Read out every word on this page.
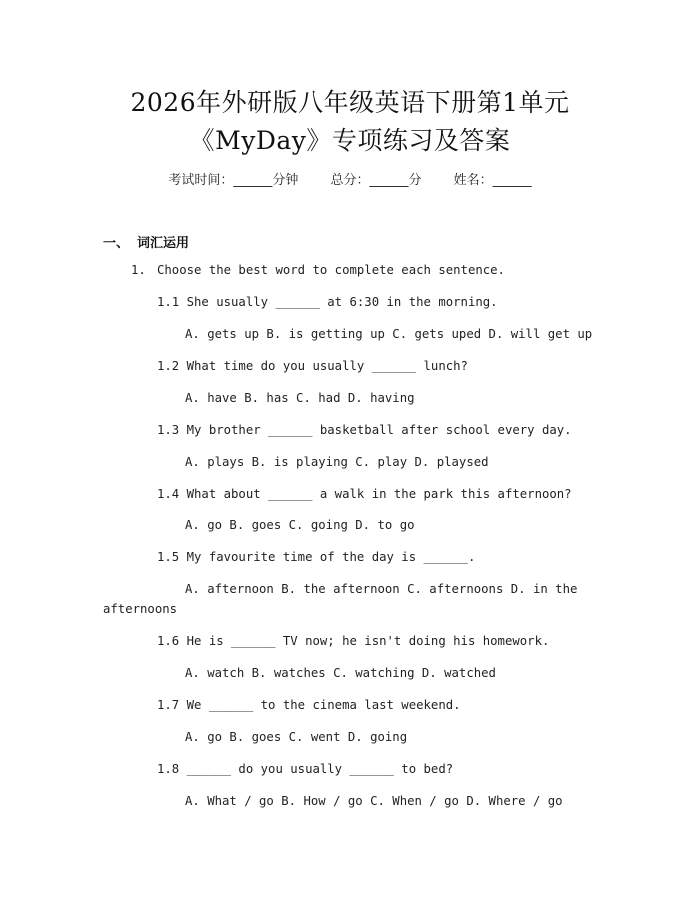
2026年外研版八年级英语下册第1单元
《MyDay》专项练习及答案
考试时间：______分钟 总分：______分 姓名：______
一、 词汇运用
1. Choose the best word to complete each sentence.
1.1 She usually ______ at 6:30 in the morning.
A. gets up B. is getting up C. gets uped D. will get up
1.2 What time do you usually ______ lunch?
A. have B. has C. had D. having
1.3 My brother ______ basketball after school every day.
A. plays B. is playing C. play D. playsed
1.4 What about ______ a walk in the park this afternoon?
A. go B. goes C. going D. to go
1.5 My favourite time of the day is ______.
A. afternoon B. the afternoon C. afternoons D. in the
afternoons
1.6 He is ______ TV now; he isn't doing his homework.
A. watch B. watches C. watching D. watched
1.7 We ______ to the cinema last weekend.
A. go B. goes C. went D. going
1.8 ______ do you usually ______ to bed?
A. What / go B. How / go C. When / go D. Where / go
